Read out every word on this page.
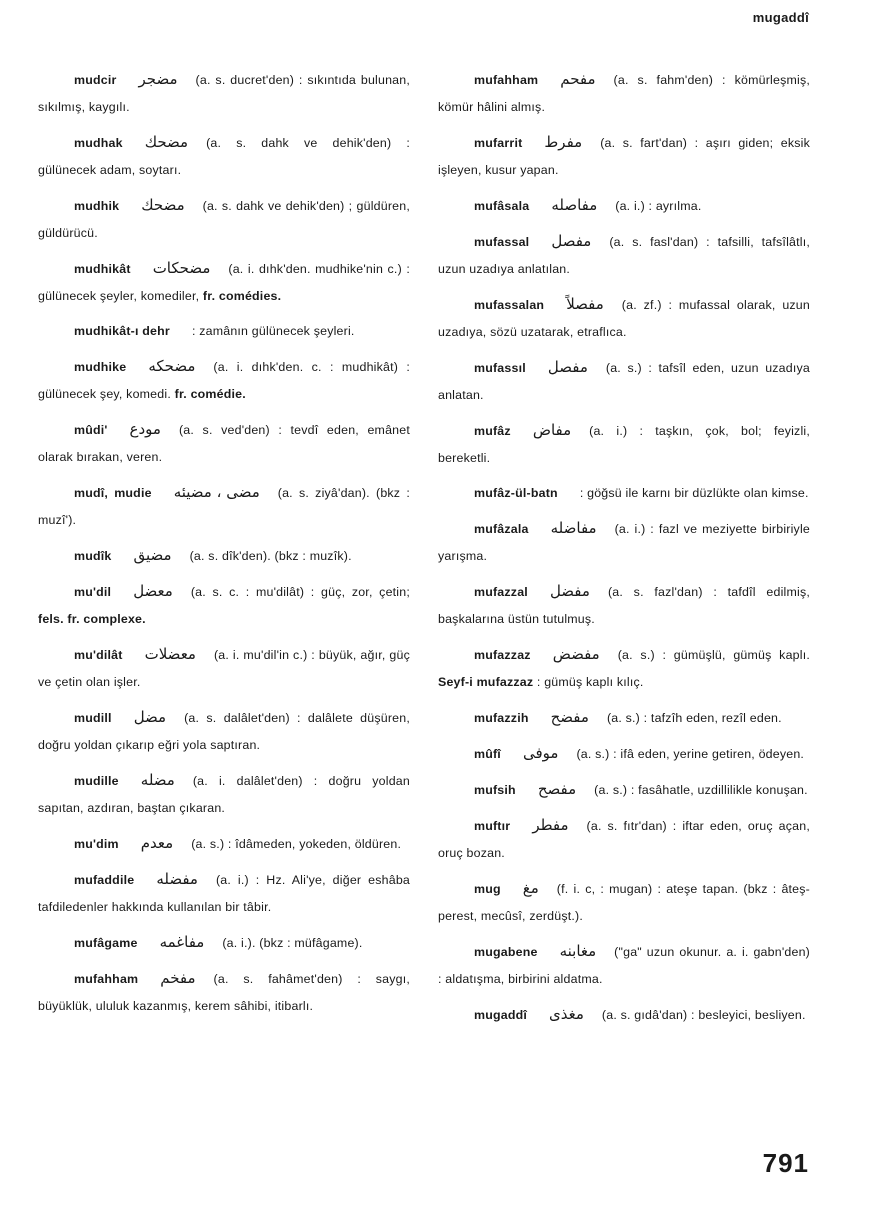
mugaddî
mudcir مضجر (a. s. ducret'den) : sıkıntıda bulunan, sıkılmış, kaygılı.
mudhak مضحك (a. s. dahk ve dehik'den) : gülünecek adam, soytarı.
mudhik مضحك (a. s. dahk ve dehik'den) ; güldüren, güldürücü.
mudhikât مضحكات (a. i. dıhk'den. mudhike'nin c.) : gülünecek şeyler, komediler, fr. comédies.
mudhikât-ı dehr : zamânın gülünecek şeyleri.
mudhike مضحكه (a. i. dıhk'den. c. : mudhikât) : gülünecek şey, komedi. fr. comédie.
mûdi' مودع (a. s. ved'den) : tevdî eden, emânet olarak bırakan, veren.
mudî, mudie مضی ، مضیئه (a. s. ziyâ'dan). (bkz : muzî').
mudîk مضيق (a. s. dîk'den). (bkz : muzîk).
mu'dil معضل (a. s. c. : mu'dilât) : güç, zor, çetin; fels. fr. complexe.
mu'dilât معضلات (a. i. mu'dil'in c.) : büyük, ağır, güç ve çetin olan işler.
mudill مضل (a. s. dalâlet'den) : dalâlete düşüren, doğru yoldan çıkarıp eğri yola saptıran.
mudille مضله (a. i. dalâlet'den) : doğru yoldan sapıtan, azdıran, baştan çıkaran.
mu'dim معدم (a. s.) : îdâmeden, yokeden, öldüren.
mufaddile مفضله (a. i.) : Hz. Ali'ye, diğer eshâba tafdiledenler hakkında kullanılan bir tâbir.
mufâgame مفاغمه (a. i.). (bkz : müfâgame).
mufahham مفخم (a. s. fahâmet'den) : saygı, büyüklük, ululuk kazanmış, kerem sâhibi, itibarlı.
mufahham مفحم (a. s. fahm'den) : kömürleşmiş, kömür hâlini almış.
mufarrit مفرط (a. s. fart'dan) : aşırı giden; eksik işleyen, kusur yapan.
mufâsala مفاصله (a. i.) : ayrılma.
mufassal مفصل (a. s. fasl'dan) : tafsilli, tafsîlâtlı, uzun uzadıya anlatılan.
mufassalan مفصلاً (a. zf.) : mufassal olarak, uzun uzadıya, sözü uzatarak, etraflıca.
mufassıl مفصل (a. s.) : tafsîl eden, uzun uzadıya anlatan.
mufâz مفاض (a. i.) : taşkın, çok, bol; feyizli, bereketli.
mufâz-ül-batn : göğsü ile karnı bir düzlükte olan kimse.
mufâzala مفاضله (a. i.) : fazl ve meziyette birbiriyle yarışma.
mufazzal مفضل (a. s. fazl'dan) : tafdîl edilmiş, başkalarına üstün tutulmuş.
mufazzaz مفضض (a. s.) : gümüşlü, gümüş kaplı. Seyf-i mufazzaz : gümüş kaplı kılıç.
mufazzih مفضح (a. s.) : tafzîh eden, rezîl eden.
mûfî موفی (a. s.) : ifâ eden, yerine getiren, ödeyen.
mufsih مفصح (a. s.) : fasâhatle, uzdillilikle konuşan.
muftır مفطر (a. s. fıtr'dan) : iftar eden, oruç açan, oruç bozan.
mug مغ (f. i. c, : mugan) : ateşe tapan. (bkz : âteş-perest, mecûsî, zerdüşt.).
mugabene مغابنه ("ga" uzun okunur. a. i. gabn'den) : aldatışma, birbirini aldatma.
mugaddî مغذی (a. s. gıdâ'dan) : besleyici, besliyen.
791
